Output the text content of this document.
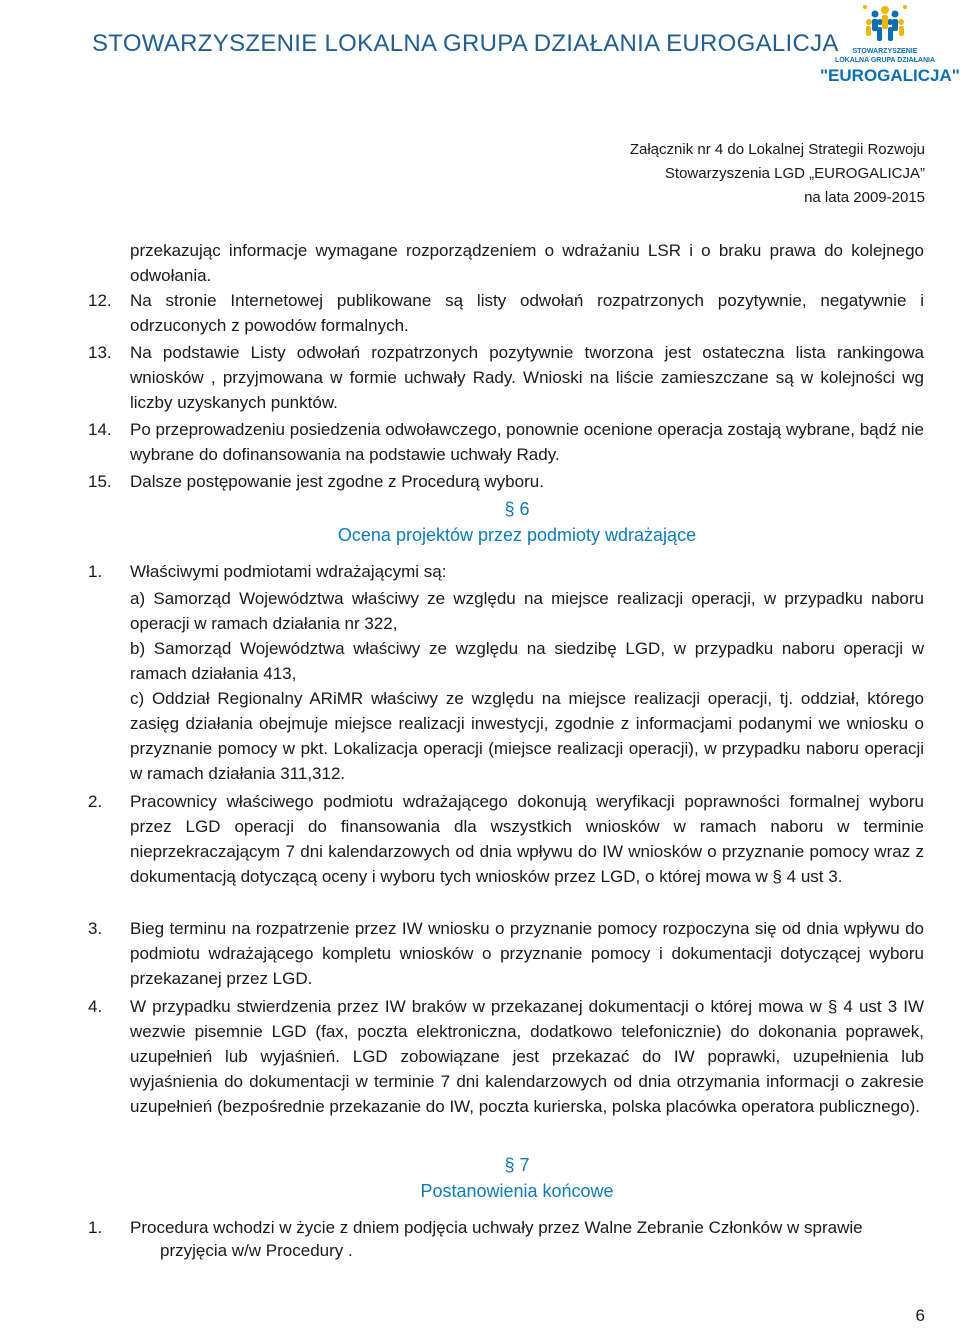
STOWARZYSZENIE LOKALNA GRUPA DZIAŁANIA EUROGALICJA	STOWARZYSZENIE
LOKALNA GRUPA DZIAŁANIA
"EUROGALICJA"
Załącznik nr 4 do Lokalnej Strategii Rozwoju
Stowarzyszenia LGD „EUROGALICJA”
na lata 2009-2015
przekazując informacje wymagane rozporządzeniem o wdrażaniu LSR i o braku prawa do kolejnego odwołania.
12.	Na stronie Internetowej publikowane są listy odwołań rozpatrzonych pozytywnie, negatywnie i odrzuconych z powodów formalnych.
13.	Na podstawie Listy odwołań rozpatrzonych pozytywnie tworzona jest ostateczna lista rankingowa wniosków , przyjmowana w formie uchwały Rady. Wnioski na liście zamieszczane są w kolejności wg liczby uzyskanych punktów.
14.	Po przeprowadzeniu posiedzenia odwoławczego, ponownie ocenione operacja zostają wybrane, bądź nie wybrane do dofinansowania na podstawie uchwały Rady.
15.	Dalsze postępowanie jest zgodne z Procedurą wyboru.
§ 6
Ocena projektów przez podmioty wdrażające
1.	Właściwymi podmiotami wdrażającymi są:
a) Samorząd Województwa właściwy ze względu na miejsce realizacji operacji, w przypadku naboru operacji w ramach działania nr 322,
b) Samorząd Województwa właściwy ze względu na siedzibę LGD, w przypadku naboru operacji w ramach działania 413,
c) Oddział Regionalny ARiMR właściwy ze względu na miejsce realizacji operacji, tj. oddział, którego zasięg działania obejmuje miejsce realizacji inwestycji, zgodnie z informacjami podanymi we wniosku o przyznanie pomocy w pkt. Lokalizacja operacji (miejsce realizacji operacji), w przypadku naboru operacji w ramach działania 311,312.
2.	Pracownicy właściwego podmiotu wdrażającego dokonują weryfikacji poprawności formalnej wyboru przez LGD operacji do finansowania dla wszystkich wniosków w ramach naboru w terminie nieprzekraczającym 7 dni kalendarzowych od dnia wpływu do IW wniosków o przyznanie pomocy wraz z dokumentacją dotyczącą oceny i wyboru tych wniosków przez LGD, o której mowa w § 4 ust 3.
3.	Bieg terminu na rozpatrzenie przez IW wniosku o przyznanie pomocy rozpoczyna się od dnia wpływu do podmiotu wdrażającego kompletu wniosków o przyznanie pomocy i dokumentacji dotyczącej wyboru przekazanej przez LGD.
4.	W przypadku stwierdzenia przez IW braków w przekazanej dokumentacji o której mowa w § 4 ust 3 IW wezwie pisemnie LGD (fax, poczta elektroniczna, dodatkowo telefonicznie) do dokonania poprawek, uzupełnień lub wyjaśnień. LGD zobowiązane jest przekazać do IW poprawki, uzupełnienia lub wyjaśnienia do dokumentacji w terminie 7 dni kalendarzowych od dnia otrzymania informacji o zakresie uzupełnień (bezpośrednie przekazanie do IW, poczta kurierska, polska placówka operatora publicznego).
§ 7
Postanowienia końcowe
1.	Procedura wchodzi w życie z dniem podjęcia uchwały przez Walne Zebranie Członków w sprawie
przyjęcia w/w Procedury .
6
